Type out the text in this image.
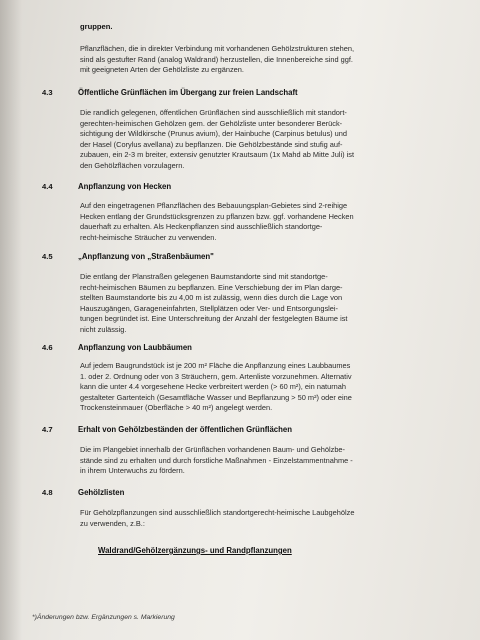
gruppen.
Pflanzflächen, die in direkter Verbindung mit vorhandenen Gehölzstrukturen stehen,
sind als gestufter Rand (analog Waldrand) herzustellen, die Innenbereiche sind ggf.
mit geeigneten Arten der Gehölzliste zu ergänzen.
4.3	Öffentliche Grünflächen im Übergang zur freien Landschaft
Die randlich gelegenen, öffentlichen Grünflächen sind ausschließlich mit standort-
gerechten-heimischen Gehölzen gem. der Gehölzliste unter besonderer Berück-
sichtigung der Wildkirsche (Prunus avium), der Hainbuche (Carpinus betulus) und
der Hasel (Corylus avellana) zu bepflanzen. Die Gehölzbestände sind stufig auf-
zubauen, ein 2-3 m breiter, extensiv genutzter Krautsaum (1x Mahd ab Mitte Juli) ist
den Gehölzflächen vorzulagern.
4.4	Anpflanzung von Hecken
Auf den eingetragenen Pflanzflächen des Bebauungsplan-Gebietes sind 2-reihige
Hecken entlang der Grundstücksgrenzen zu pflanzen bzw. ggf. vorhandene Hecken
dauerhaft zu erhalten. Als Heckenpflanzen sind ausschließlich standortge-
recht-heimische Sträucher zu verwenden.
4.5	„Anpflanzung von „Straßenbäumen"
Die entlang der Planstraßen gelegenen Baumstandorte sind mit standortge-
recht-heimischen Bäumen zu bepflanzen. Eine Verschiebung der im Plan darge-
stellten Baumstandorte bis zu 4,00 m ist zulässig, wenn dies durch die Lage von
Hauszugängen, Garageneinfahrten, Stellplätzen oder Ver- und Entsorgungslei-
tungen begründet ist. Eine Unterschreitung der Anzahl der festgelegten Bäume ist
nicht zulässig.
4.6	Anpflanzung von Laubbäumen
Auf jedem Baugrundstück ist je 200 m² Fläche die Anpflanzung eines Laubbaumes
1. oder 2. Ordnung oder von 3 Sträuchern, gem. Artenliste vorzunehmen. Alternativ
kann die unter 4.4 vorgesehene Hecke verbreitert werden (> 60 m²), ein naturnah
gestalteter Gartenteich (Gesamtfläche Wasser und Bepflanzung > 50 m²) oder eine
Trockensteinmauer (Oberfläche > 40 m²) angelegt werden.
4.7	Erhalt von Gehölzbeständen der öffentlichen Grünflächen
Die im Plangebiet innerhalb der Grünflächen vorhandenen Baum- und Gehölzbe-
stände sind zu erhalten und durch forstliche Maßnahmen - Einzelstammentnahme -
in ihrem Unterwuchs zu fördern.
4.8	Gehölzlisten
Für Gehölzpflanzungen sind ausschließlich standortgerecht-heimische Laubgehölze
zu verwenden, z.B.:
Waldrand/Gehölzergänzungs- und Randpflanzungen
*)Änderungen bzw. Ergänzungen s. Markierung
